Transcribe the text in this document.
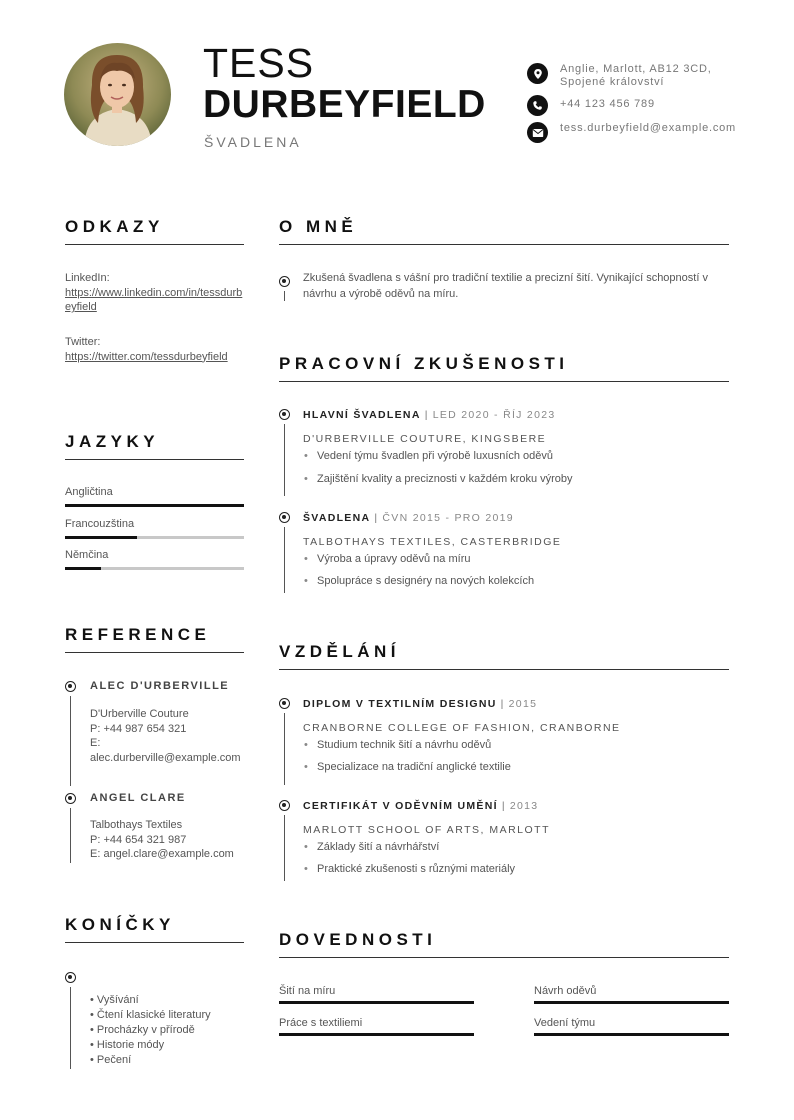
TESS
DURBEYFIELD
ŠVADLENA
Anglie, Marlott, AB12 3CD, Spojené království
+44 123 456 789
tess.durbeyfield@example.com
ODKAZY
LinkedIn:
https://www.linkedin.com/in/tessdurbeyfield
Twitter:
https://twitter.com/tessdurbeyfield
JAZYKY
Angličtina
Francouzština
Němčina
REFERENCE
ALEC D'URBERVILLE
D'Urberville Couture
P: +44 987 654 321
E: alec.durberville@example.com
ANGEL CLARE
Talbothays Textiles
P: +44 654 321 987
E: angel.clare@example.com
KONÍČKY
• Vyšívání
• Čtení klasické literatury
• Procházky v přírodě
• Historie módy
• Pečení
O MNĚ
Zkušená švadlena s vášní pro tradiční textilie a precizní šití. Vynikající schopností v návrhu a výrobě oděvů na míru.
PRACOVNÍ ZKUŠENOSTI
HLAVNÍ ŠVADLENA | LED 2020 - ŘÍJ 2023
D'URBERVILLE COUTURE, KINGSBERE
• Vedení týmu švadlen při výrobě luxusních oděvů
• Zajištění kvality a preciznosti v každém kroku výroby
ŠVADLENA | ČVN 2015 - PRO 2019
TALBOTHAYS TEXTILES, CASTERBRIDGE
• Výroba a úpravy oděvů na míru
• Spolupráce s designéry na nových kolekcích
VZDĚLÁNÍ
DIPLOM V TEXTILNÍM DESIGNU | 2015
CRANBORNE COLLEGE OF FASHION, CRANBORNE
• Studium technik šití a návrhu oděvů
• Specializace na tradiční anglické textilie
CERTIFIKÁT V ODĚVNÍM UMĚNÍ | 2013
MARLOTT SCHOOL OF ARTS, MARLOTT
• Základy šití a návrhářství
• Praktické zkušenosti s různými materiály
DOVEDNOSTI
Šití na míru	Návrh oděvů
Práce s textiliemi	Vedení týmu
